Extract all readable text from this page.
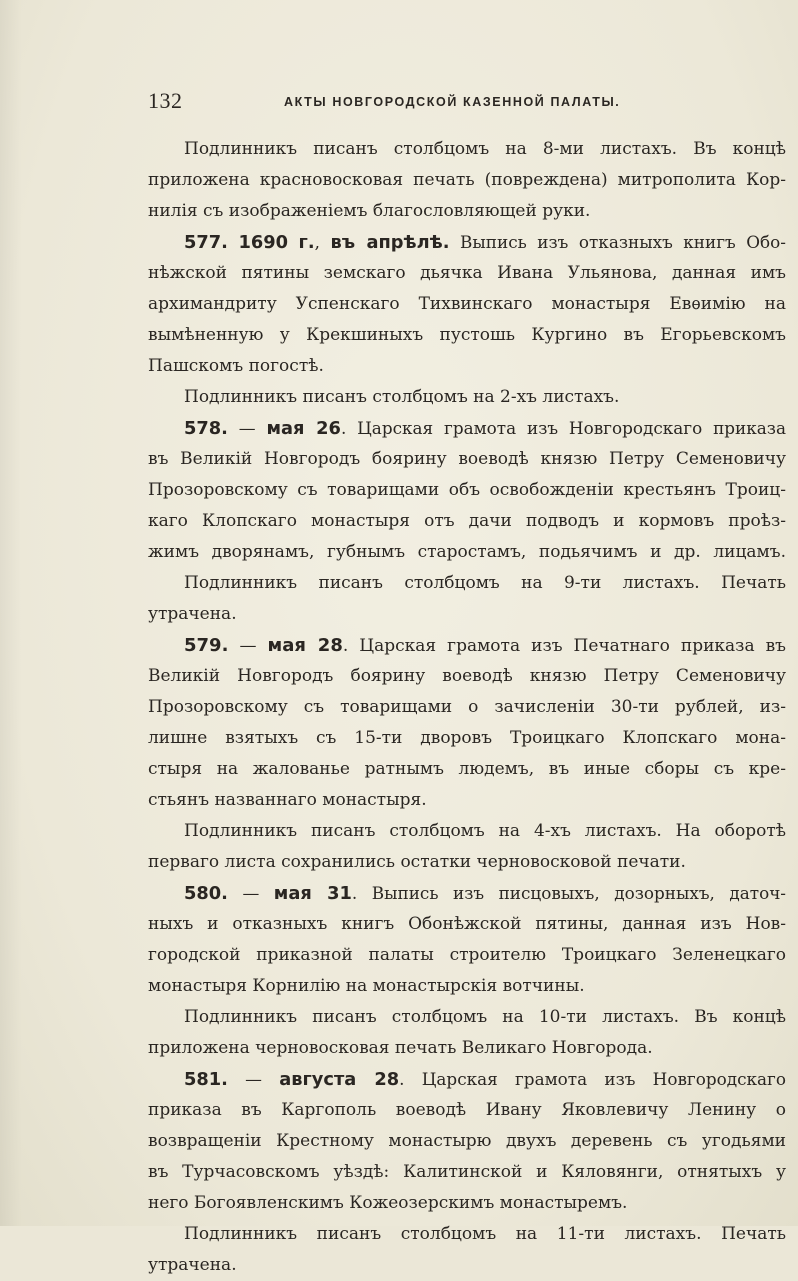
132	АКТЫ НОВГОРОДСКОЙ КАЗЕННОЙ ПАЛАТЫ.
Подлинникъ писанъ столбцомъ на 8-ми листахъ. Въ концѣ
приложена красновосковая печать (повреждена) митрополита Кор-
нилія съ изображеніемъ благословляющей руки.
577. 1690 г., въ апрѣлѣ. Выпись изъ отказныхъ книгъ Обо-
нѣжской пятины земскаго дьячка Ивана Ульянова, данная имъ
архимандриту Успенскаго Тихвинскаго монастыря Евѳимію на
вымѣненную у Крекшиныхъ пустошь Кургино въ Егорьевскомъ
Пашскомъ погостѣ.
Подлинникъ писанъ столбцомъ на 2-хъ листахъ.
578. — мая 26. Царская грамота изъ Новгородскаго приказа
въ Великій Новгородъ боярину воеводѣ князю Петру Семеновичу
Прозоровскому съ товарищами объ освобожденіи крестьянъ Троиц-
каго Клопскаго монастыря отъ дачи подводъ и кормовъ проѣз-
жимъ дворянамъ, губнымъ старостамъ, подьячимъ и др. лицамъ.
Подлинникъ писанъ столбцомъ на 9-ти листахъ. Печать
утрачена.
579. — мая 28. Царская грамота изъ Печатнаго приказа въ
Великій Новгородъ боярину воеводѣ князю Петру Семеновичу
Прозоровскому съ товарищами о зачисленіи 30-ти рублей, из-
лишне взятыхъ съ 15-ти дворовъ Троицкаго Клопскаго мона-
стыря на жалованье ратнымъ людемъ, въ иные сборы съ кре-
стьянъ названнаго монастыря.
Подлинникъ писанъ столбцомъ на 4-хъ листахъ. На оборотѣ
перваго листа сохранились остатки черновосковой печати.
580. — мая 31. Выпись изъ писцовыхъ, дозорныхъ, даточ-
ныхъ и отказныхъ книгъ Обонѣжской пятины, данная изъ Нов-
городской приказной палаты строителю Троицкаго Зеленецкаго
монастыря Корнилію на монастырскія вотчины.
Подлинникъ писанъ столбцомъ на 10-ти листахъ. Въ концѣ
приложена черновосковая печать Великаго Новгорода.
581. — августа 28. Царская грамота изъ Новгородскаго
приказа въ Каргополь воеводѣ Ивану Яковлевичу Ленину о
возвращеніи Крестному монастырю двухъ деревень съ угодьями
въ Турчасовскомъ уѣздѣ: Калитинской и Кяловянги, отнятыхъ у
него Богоявленскимъ Кожеозерскимъ монастыремъ.
Подлинникъ писанъ столбцомъ на 11-ти листахъ. Печать
утрачена.
